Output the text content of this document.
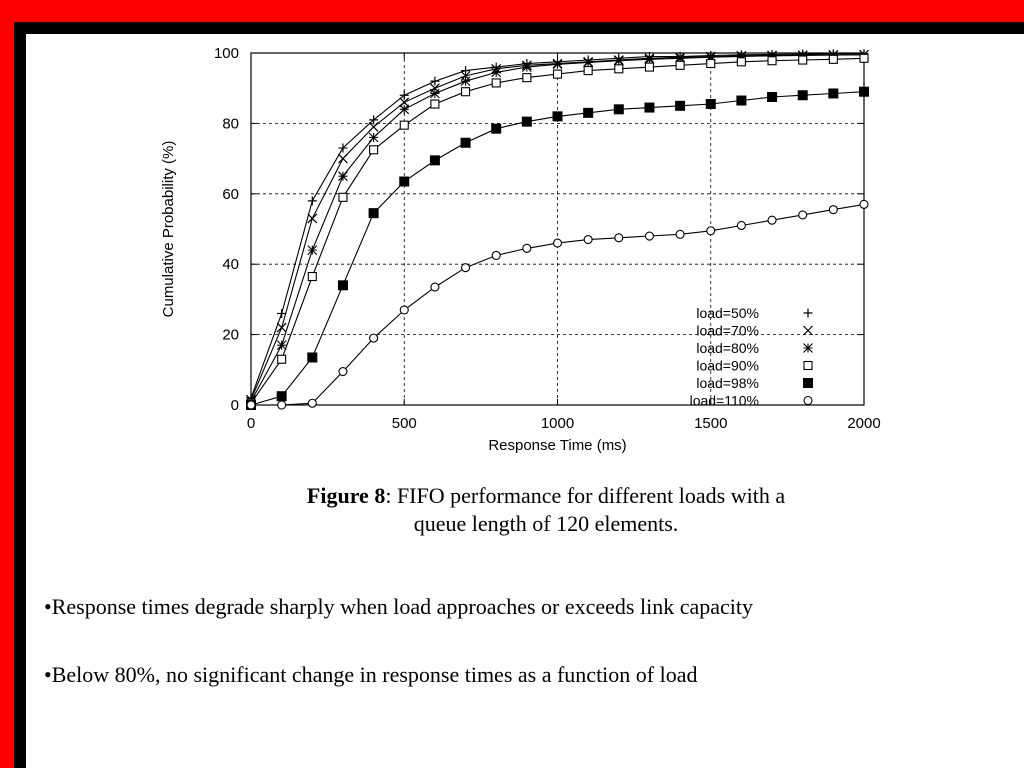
0	500	1000	1500	2000
0
20
40
60
80
100
Response Time (ms)
Cumulative Probability (%)	load=50%
load=70%
load=80%
load=90%
load=98%
load=110%
Figure 8: FIFO performance for different loads with a
queue length of 120 elements.
•Response times degrade sharply when load approaches or exceeds link capacity
•Below 80%, no significant change in response times as a function of load
